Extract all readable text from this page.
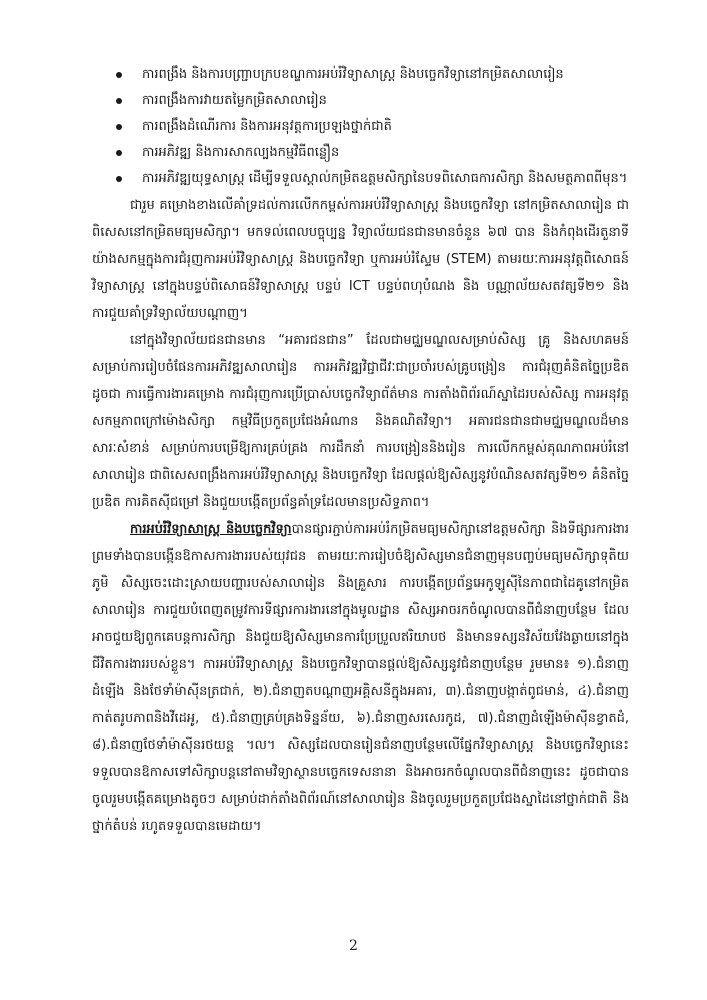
ការពង្រឹង និងការបញ្ជ្រាបក្របខណ្ឌការអប់រំវិទ្យាសាស្ត្រ និងបច្ចេកវិទ្យានៅកម្រិតសាលារៀន
ការពង្រឹងការវាយតម្លៃកម្រិតសាលារៀន
ការពង្រឹងដំណើរការ និងការអនុវត្តការប្រឡងថ្នាក់ជាតិ
ការអភិវឌ្ឍ និងការសាកល្បងកម្មវិធីពន្លឿន
ការអភិវឌ្ឍយុទ្ធសាស្ត្រ ដើម្បីទទួលស្គាល់កម្រិតឧត្តមសិក្សានៃបទពិសោធការសិក្សា និងសមត្ថភាពពីមុន។

ជារួម គម្រោងខាងលើគាំទ្រដល់ការលើកកម្ពស់ការអប់រំវិទ្យាសាស្ត្រ និងបច្ចេកវិទ្យា នៅកម្រិតសាលារៀន ជាពិសេសនៅកម្រិតមធ្យមសិក្សា។ មកទល់ពេលបច្ចុប្បន្ន វិទ្យាល័យជនជានមានចំនួន ៦៧ បាន និងកំពុងដើរតួនាទីយ៉ាងសកម្មក្នុងការជំរុញការអប់រំវិទ្យាសាស្ត្រ និងបច្ចេកវិទ្យា ឬការអប់រំស្ទែម (STEM) តាមរយៈការអនុវត្តពិសោធន៍វិទ្យាសាស្ត្រ នៅក្នុងបន្ទប់ពិសោធន៍វិទ្យាសាស្ត្រ បន្ទប់ ICT បន្ទប់ពហុបំណង និង បណ្ណាល័យសតវត្សទី២១ និងការជួយគាំទ្រវិទ្យាល័យបណ្តាញ។

នៅក្នុងវិទ្យាល័យជនជានមាន “អគារជនជាន” ដែលជាមជ្ឈមណ្ឌលសម្រាប់សិស្ស គ្រូ និងសហគមន៍សម្រាប់ការរៀបចំផែនការអភិវឌ្ឍសាលារៀន ការអភិវឌ្ឍវិជ្ជាជីវៈជាប្រចាំរបស់គ្រូបង្រៀន ការជំរុញគំនិតច្នៃប្រឌិតដូចជា ការធ្វើការងារគម្រោង ការជំរុញការប្រើប្រាស់បច្ចេកវិទ្យាព័ត៌មាន ការតាំងពិព័រណ៍ស្នាដៃរបស់សិស្ស ការអនុវត្តសកម្មភាពក្រៅម៉ោងសិក្សា កម្មវិធីប្រកួតប្រជែងអំណាន និងគណិតវិទ្យា។ អគារជនជានជាមជ្ឈមណ្ឌលដ៏មានសារៈសំខាន់ សម្រាប់ការបម្រើឱ្យការគ្រប់គ្រង ការដឹកនាំ ការបង្រៀននិងរៀន ការលើកកម្ពស់គុណភាពអប់រំនៅសាលារៀន ជាពិសេសពង្រឹងការអប់រំវិទ្យាសាស្ត្រ និងបច្ចេកវិទ្យា ដែលផ្តល់ឱ្យសិស្សនូវបំណិនសតវត្សទី២១ គំនិតច្នៃប្រឌិត ការគិតស៊ីជម្រៅ និងជួយបង្កើតប្រព័ន្ធគាំទ្រដែលមានប្រសិទ្ធភាព។

ការអប់រំវិទ្យាសាស្ត្រ និងបច្ចេកវិទ្យាបានផ្សារភ្ជាប់ការអប់រំកម្រិតមធ្យមសិក្សានៅឧត្តមសិក្សា និងទីផ្សារការងារ ព្រមទាំងបានបង្កើនឱកាសការងាររបស់យុវជន តាមរយៈការរៀបចំឱ្យសិស្សមានជំនាញមុនបញ្ចប់មធ្យមសិក្សាទុតិយភូមិ សិស្សចេះដោះស្រាយបញ្ហារបស់សាលារៀន និងគ្រួសារ ការបង្កើតប្រព័ន្ធអេកូឡូស៊ីនៃភាពជាដៃគូនៅកម្រិតសាលារៀន ការជួយបំពេញតម្រូវការទីផ្សារការងារនៅក្នុងមូលដ្ឋាន សិស្សអាចរកចំណូលបានពីជំនាញបន្ថែម ដែលអាចជួយឱ្យពួកគេបន្តការសិក្សា និងជួយឱ្យសិស្សមានការប្រែប្រួលឥរិយាបថ និងមានទស្សនវិស័យវែងឆ្ងាយនៅក្នុងជីវិតការងាររបស់ខ្លួន។ ការអប់រំវិទ្យាសាស្ត្រ និងបច្ចេកវិទ្យាបានផ្តល់ឱ្យសិស្សនូវជំនាញបន្ថែម រួមមាន៖ ១).ជំនាញដំឡើង និងថែទាំម៉ាស៊ីនត្រជាក់, ២).ជំនាញតបណ្តាញអគ្គិសនីក្នុងអគារ, ៣).ជំនាញបង្កាត់ពូជមាន់, ៤).ជំនាញកាត់តរូបភាពនិងវីដេអូ, ៥).ជំនាញគ្រប់គ្រងទិន្នន័យ, ៦).ជំនាញសរសេរកូដ, ៧).ជំនាញដំឡើងម៉ាស៊ីនខ្វាតដំ, ៨).ជំនាញថែទាំម៉ាស៊ីនរថយន្ត ។ល។ សិស្សដែលបានរៀនជំនាញបន្ថែមលើផ្នែកវិទ្យាសាស្ត្រ និងបច្ចេកវិទ្យានេះ ទទួលបានឱកាសទៅសិក្សាបន្តនៅតាមវិទ្យាស្ថានបច្ចេកទេសនានា និងអាចរកចំណូលបានពីជំនាញនេះ ដូចជាបានចូលរួមបង្កើតគម្រោងតូចៗ សម្រាប់ដាក់តាំងពិព័រណ៍នៅសាលារៀន និងចូលរួមប្រកួតប្រជែងស្នាដៃនៅថ្នាក់ជាតិ និងថ្នាក់តំបន់ រហូតទទួលបានមេដាយ។

2
